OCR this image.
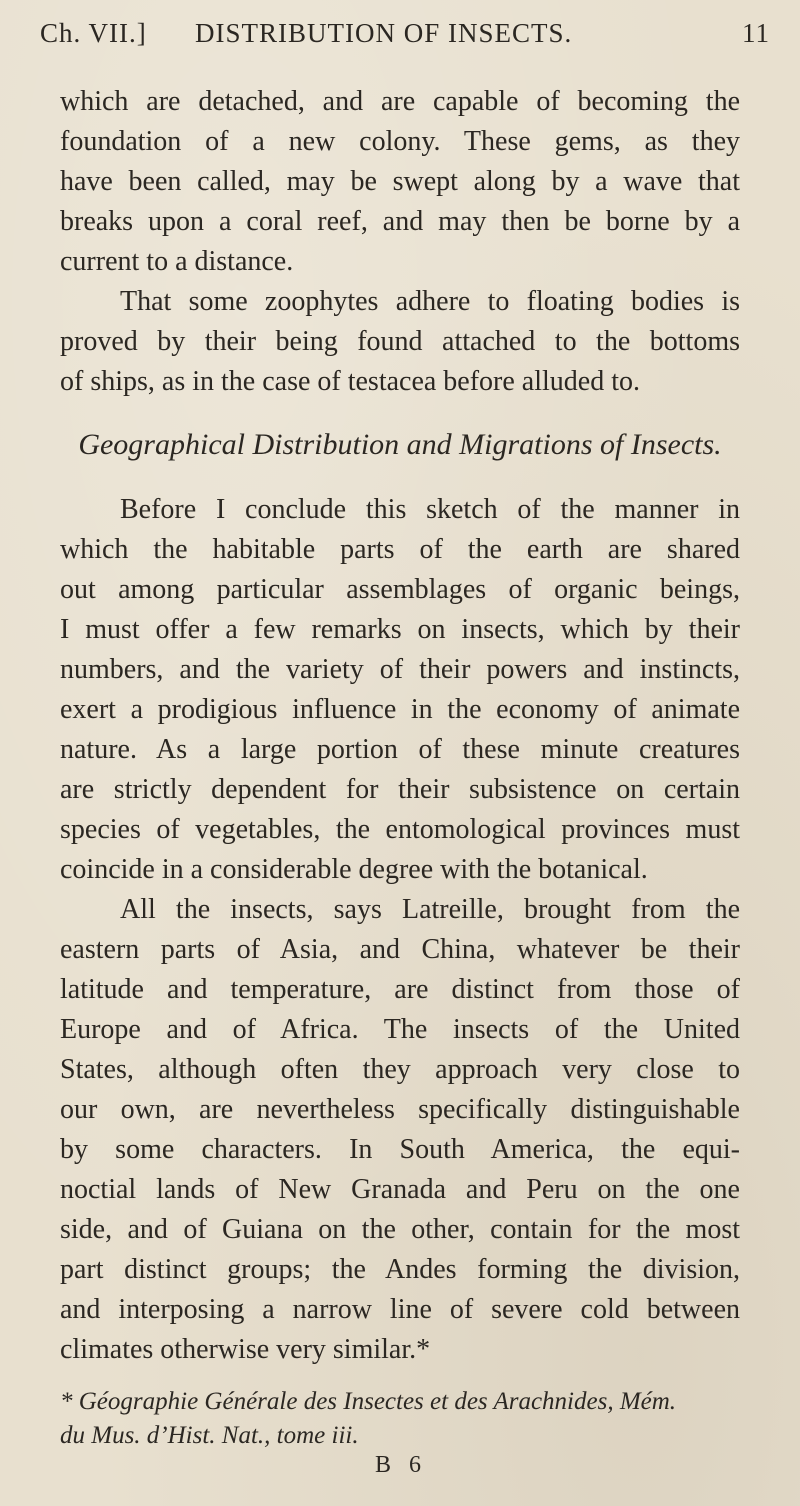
Ch. VII.] DISTRIBUTION OF INSECTS.	11
which are detached, and are capable of becoming the
foundation of a new colony. These gems, as they
have been called, may be swept along by a wave that
breaks upon a coral reef, and may then be borne by a
current to a distance.
That some zoophytes adhere to floating bodies is
proved by their being found attached to the bottoms
of ships, as in the case of testacea before alluded to.
Geographical Distribution and Migrations of Insects.
Before I conclude this sketch of the manner in
which the habitable parts of the earth are shared
out among particular assemblages of organic beings,
I must offer a few remarks on insects, which by their
numbers, and the variety of their powers and instincts,
exert a prodigious influence in the economy of animate
nature. As a large portion of these minute creatures
are strictly dependent for their subsistence on certain
species of vegetables, the entomological provinces must
coincide in a considerable degree with the botanical.
All the insects, says Latreille, brought from the
eastern parts of Asia, and China, whatever be their
latitude and temperature, are distinct from those of
Europe and of Africa. The insects of the United
States, although often they approach very close to
our own, are nevertheless specifically distinguishable
by some characters. In South America, the equi-
noctial lands of New Granada and Peru on the one
side, and of Guiana on the other, contain for the most
part distinct groups; the Andes forming the division,
and interposing a narrow line of severe cold between
climates otherwise very similar.*
* Géographie Générale des Insectes et des Arachnides, Mém.
du Mus. d’Hist. Nat., tome iii.
B 6
